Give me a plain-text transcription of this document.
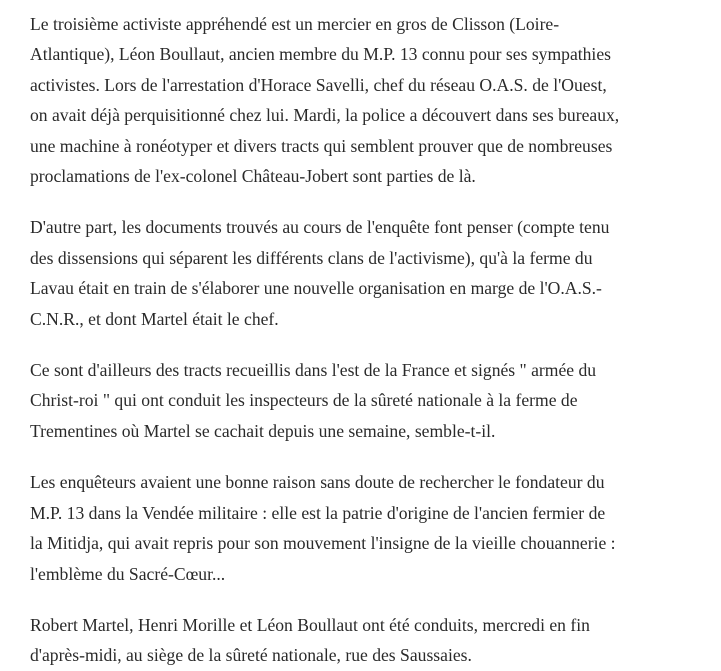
Le troisième activiste appréhendé est un mercier en gros de Clisson (Loire-
Atlantique), Léon Boullaut, ancien membre du M.P. 13 connu pour ses sympathies
activistes. Lors de l'arrestation d'Horace Savelli, chef du réseau O.A.S. de l'Ouest,
on avait déjà perquisitionné chez lui. Mardi, la police a découvert dans ses bureaux,
une machine à ronéotyper et divers tracts qui semblent prouver que de nombreuses
proclamations de l'ex-colonel Château-Jobert sont parties de là.

D'autre part, les documents trouvés au cours de l'enquête font penser (compte tenu
des dissensions qui séparent les différents clans de l'activisme), qu'à la ferme du
Lavau était en train de s'élaborer une nouvelle organisation en marge de l'O.A.S.-
C.N.R., et dont Martel était le chef.

Ce sont d'ailleurs des tracts recueillis dans l'est de la France et signés " armée du
Christ-roi " qui ont conduit les inspecteurs de la sûreté nationale à la ferme de
Trementines où Martel se cachait depuis une semaine, semble-t-il.

Les enquêteurs avaient une bonne raison sans doute de rechercher le fondateur du
M.P. 13 dans la Vendée militaire : elle est la patrie d'origine de l'ancien fermier de
la Mitidja, qui avait repris pour son mouvement l'insigne de la vieille chouannerie :
l'emblème du Sacré-Cœur...

Robert Martel, Henri Morille et Léon Boullaut ont été conduits, mercredi en fin
d'après-midi, au siège de la sûreté nationale, rue des Saussaies.
